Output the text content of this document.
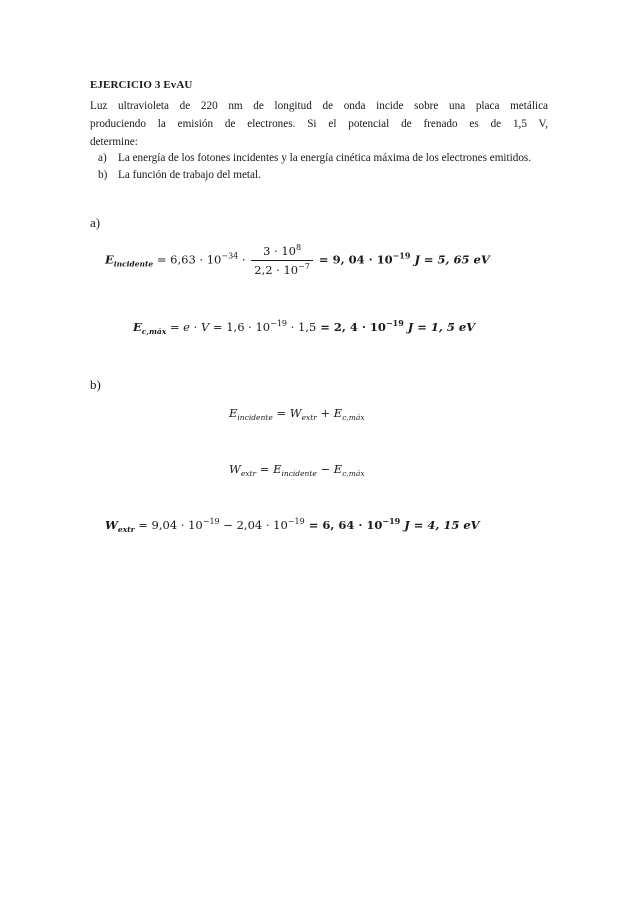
EJERCICIO 3 EvAU
Luz ultravioleta de 220 nm de longitud de onda incide sobre una placa metálica
produciendo la emisión de electrones. Si el potencial de frenado es de 1,5 V,
determine:
a) La energía de los fotones incidentes y la energía cinética máxima de los electrones emitidos.
b) La función de trabajo del metal.
a)
$E_{incidente} = 6,63 \cdot 10^{-34} \cdot \frac{3 \cdot 10^8}{2,2 \cdot 10^{-7}} = 9$, $04 \cdot 10^{-19}$ J = 5, 65 eV
$E_{c,máx} = e \cdot V = 1,6 \cdot 10^{-19} \cdot 1,5 = 2$, $4 \cdot 10^{-19}$ J = 1, 5 eV
b)
$E_{incidente} = W_{extr} + E_{c,máx}$
$W_{extr} = E_{incidente} - E_{c,máx}$
$W_{extr} = 9,04 \cdot 10^{-19} - 2,04 \cdot 10^{-19} = 6$, $64 \cdot 10^{-19}$ J = 4, 15 eV
